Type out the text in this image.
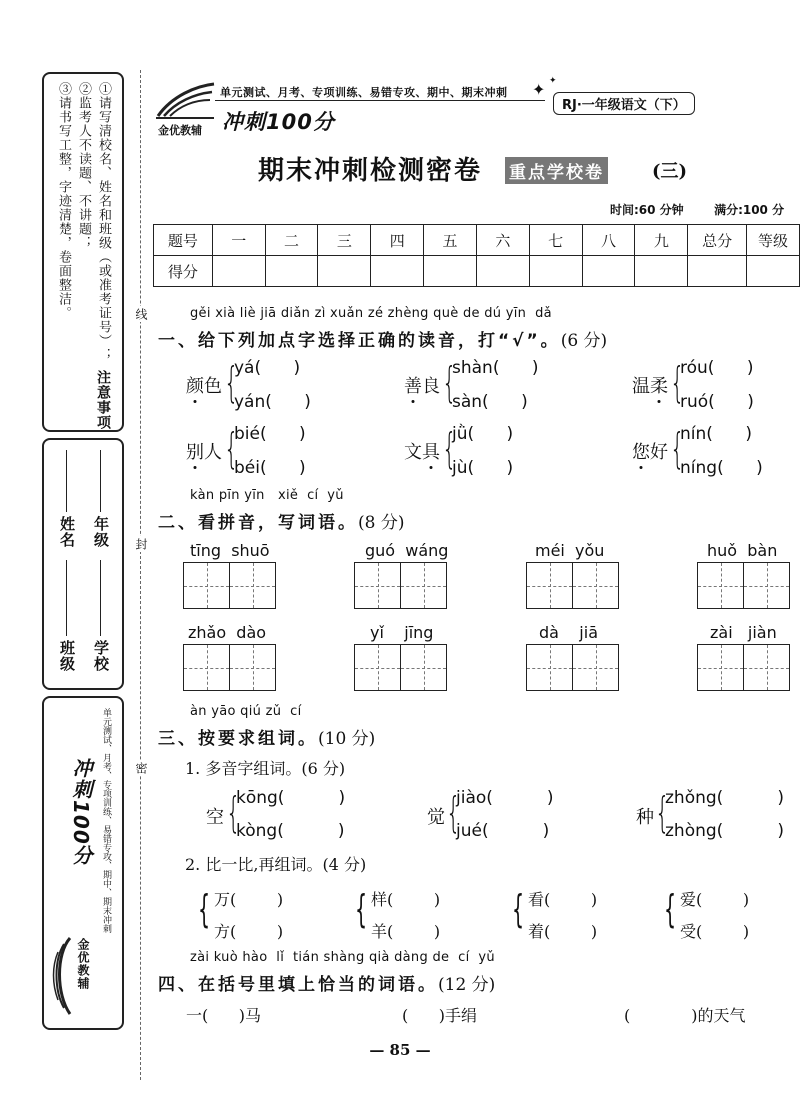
注意事项
①请写清校名、姓名和班级（或准考证号）；
②监考人不读题、不讲题；
③请书写工整，字迹清楚，卷面整洁。
学校
年级
班级
姓名
单元测试、月考、专项训练、易错专攻、期中、期末冲刺
冲刺100分
金优教辅
线
封
密
金优教辅
单元测试、月考、专项训练、易错专攻、期中、期末冲刺 ✦ ✦
RJ·一年级语文（下）
冲刺100分
期末冲刺检测密卷 重点学校卷	(三)
时间:60 分钟	满分:100 分
题号	一	二	三	四	五	六	七	八	九	总分	等级
得分											
gěi xià liè jiā diǎn zì xuǎn zé zhèng què de dú yīn  dǎ
一、给下列加点字选择正确的读音，打“√”。(6 分)
颜色 {
yá(      )
yán(      )
善良 {
shàn(      )
sàn(      )
温柔 {
róu(      )
ruó(      )
别人 {
bié(      )
béi(      )
文具 {
jǜ(      )
jù(      )
您好 {
nín(      )
níng(      )
kàn pīn yīn   xiě  cí  yǔ
二、看拼音，写词语。(8 分)
tīng  shuō	guó  wáng	méi  yǒu	huǒ  bàn
zhǎo  dào	yǐ    jīng	dà    jiā	zài   jiàn
àn yāo qiú zǔ  cí
三、按要求组词。(10 分)
1. 多音字组词。(6 分)
空 {
kōng(          )
kòng(          )
觉 {
jiào(          )
jué(          )
种 {
zhǒng(          )
zhòng(          )
2. 比一比,再组词。(4 分)
{ 万(        )
方(        )
{ 样(        )
羊(        )
{ 看(        )
着(        )
{ 爱(        )
受(        )
zài kuò hào  lǐ  tián shàng qià dàng de  cí  yǔ
四、在括号里填上恰当的词语。(12 分)
一(      )马	(      )手绢	(            )的天气
— 85 —
